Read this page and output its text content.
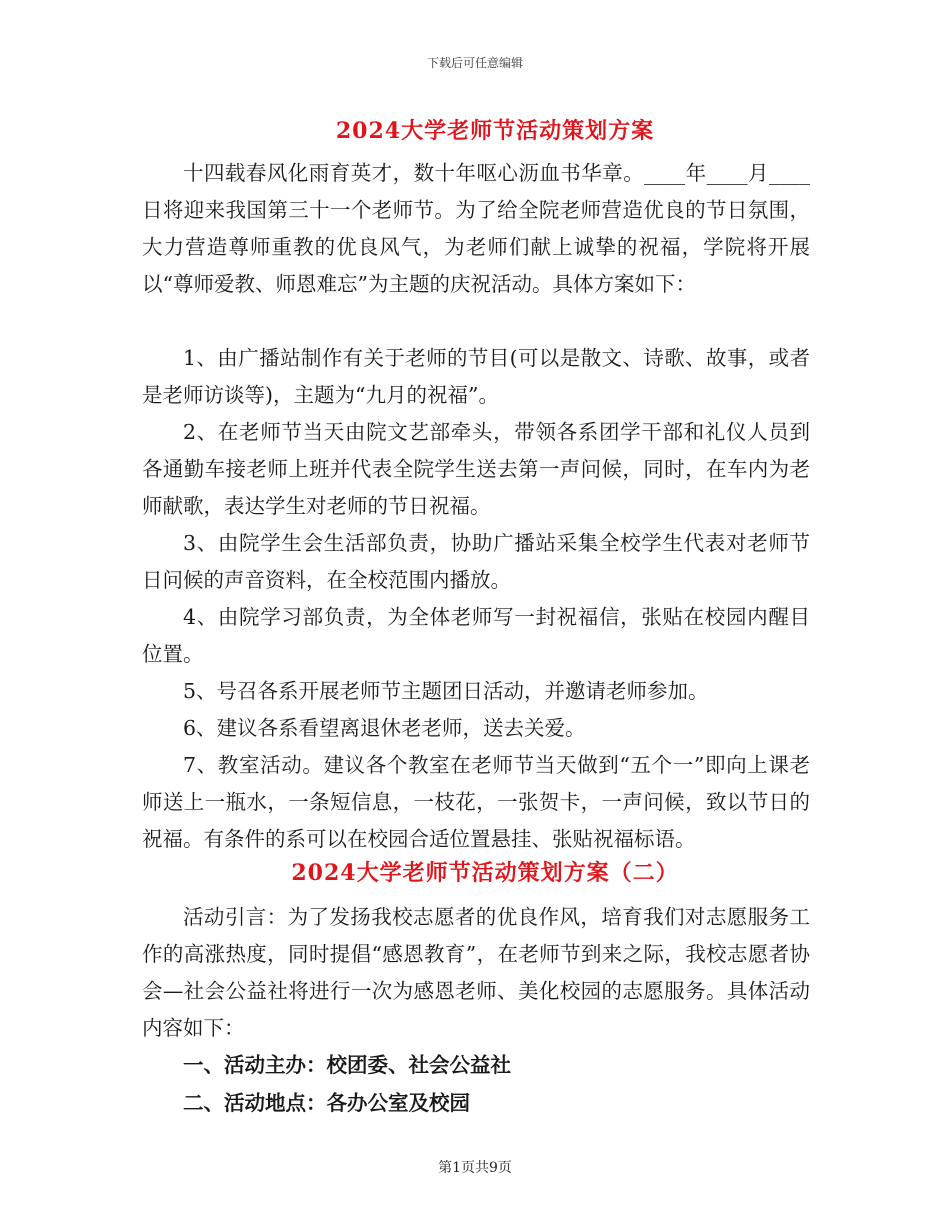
下载后可任意编辑
2024大学老师节活动策划方案

十四载春风化雨育英才，数十年呕心沥血书华章。____年____月____日将迎来我国第三十一个老师节。为了给全院老师营造优良的节日氛围，大力营造尊师重教的优良风气，为老师们献上诚挚的祝福，学院将开展以“尊师爱教、师恩难忘”为主题的庆祝活动。具体方案如下：

1、由广播站制作有关于老师的节目(可以是散文、诗歌、故事，或者是老师访谈等)，主题为“九月的祝福”。

2、在老师节当天由院文艺部牵头，带领各系团学干部和礼仪人员到各通勤车接老师上班并代表全院学生送去第一声问候，同时，在车内为老师献歌，表达学生对老师的节日祝福。

3、由院学生会生活部负责，协助广播站采集全校学生代表对老师节日问候的声音资料，在全校范围内播放。

4、由院学习部负责，为全体老师写一封祝福信，张贴在校园内醒目位置。

5、号召各系开展老师节主题团日活动，并邀请老师参加。

6、建议各系看望离退休老老师，送去关爱。

7、教室活动。建议各个教室在老师节当天做到“五个一”即向上课老师送上一瓶水，一条短信息，一枝花，一张贺卡，一声问候，致以节日的祝福。有条件的系可以在校园合适位置悬挂、张贴祝福标语。

2024大学老师节活动策划方案（二）

活动引言：为了发扬我校志愿者的优良作风，培育我们对志愿服务工作的高涨热度，同时提倡“感恩教育”，在老师节到来之际，我校志愿者协会—社会公益社将进行一次为感恩老师、美化校园的志愿服务。具体活动内容如下：

一、活动主办：校团委、社会公益社

二、活动地点：各办公室及校园

第1页共9页
